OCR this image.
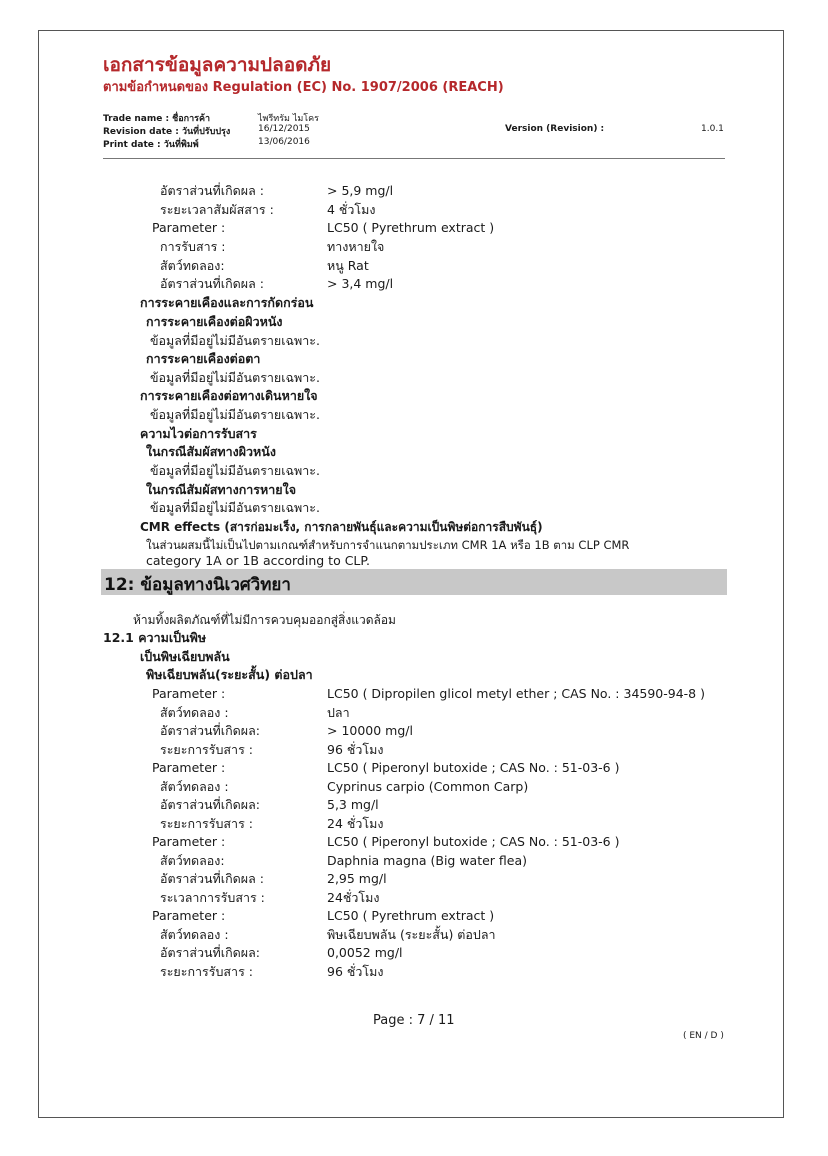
เอกสารข้อมูลความปลอดภัย
ตามข้อกำหนดของ Regulation (EC) No. 1907/2006 (REACH)
Trade name : ชื่อการค้า	ไพรีทรัม ไมโคร
Revision date : วันที่ปรับปรุง	16/12/2015
Print date : วันที่พิมพ์	13/06/2016
Version (Revision) :	1.0.1
อัตราส่วนที่เกิดผล :	> 5,9 mg/l
ระยะเวลาสัมผัสสาร :	4 ชั่วโมง
Parameter :	LC50 ( Pyrethrum extract )
การรับสาร :	ทางหายใจ
สัตว์ทดลอง:	หนู Rat
อัตราส่วนที่เกิดผล :	> 3,4 mg/l
การระคายเคืองและการกัดกร่อน
การระคายเคืองต่อผิวหนัง
ข้อมูลที่มีอยู่ไม่มีอันตรายเฉพาะ.
การระคายเคืองต่อตา
ข้อมูลที่มีอยู่ไม่มีอันตรายเฉพาะ.
การระคายเคืองต่อทางเดินหายใจ
ข้อมูลที่มีอยู่ไม่มีอันตรายเฉพาะ.
ความไวต่อการรับสาร
ในกรณีสัมผัสทางผิวหนัง
ข้อมูลที่มีอยู่ไม่มีอันตรายเฉพาะ.
ในกรณีสัมผัสทางการหายใจ
ข้อมูลที่มีอยู่ไม่มีอันตรายเฉพาะ.
CMR effects (สารก่อมะเร็ง, การกลายพันธุ์และความเป็นพิษต่อการสืบพันธุ์)
ในส่วนผสมนี้ไม่เป็นไปตามเกณฑ์สำหรับการจำแนกตามประเภท CMR 1A หรือ 1B ตาม CLP CMR
category 1A or 1B according to CLP.
12: ข้อมูลทางนิเวศวิทยา
ห้ามทิ้งผลิตภัณฑ์ที่ไม่มีการควบคุมออกสู่สิ่งแวดล้อม
12.1 ความเป็นพิษ
เป็นพิษเฉียบพลัน
พิษเฉียบพลัน(ระยะสั้น) ต่อปลา
Parameter :	LC50 ( Dipropilen glicol metyl ether ; CAS No. : 34590-94-8 )
สัตว์ทดลอง :	ปลา
อัตราส่วนที่เกิดผล:	> 10000 mg/l
ระยะการรับสาร :	96 ชั่วโมง
Parameter :	LC50 ( Piperonyl butoxide ; CAS No. : 51-03-6 )
สัตว์ทดลอง :	Cyprinus carpio (Common Carp)
อัตราส่วนที่เกิดผล:	5,3 mg/l
ระยะการรับสาร :	24 ชั่วโมง
Parameter :	LC50 ( Piperonyl butoxide ; CAS No. : 51-03-6 )
สัตว์ทดลอง:	Daphnia magna (Big water flea)
อัตราส่วนที่เกิดผล :	2,95 mg/l
ระเวลาการรับสาร :	24ชั่วโมง
Parameter :	LC50 ( Pyrethrum extract )
สัตว์ทดลอง :	พิษเฉียบพลัน (ระยะสั้น) ต่อปลา
อัตราส่วนที่เกิดผล:	0,0052 mg/l
ระยะการรับสาร :	96 ชั่วโมง
Page : 7 / 11
( EN / D )
